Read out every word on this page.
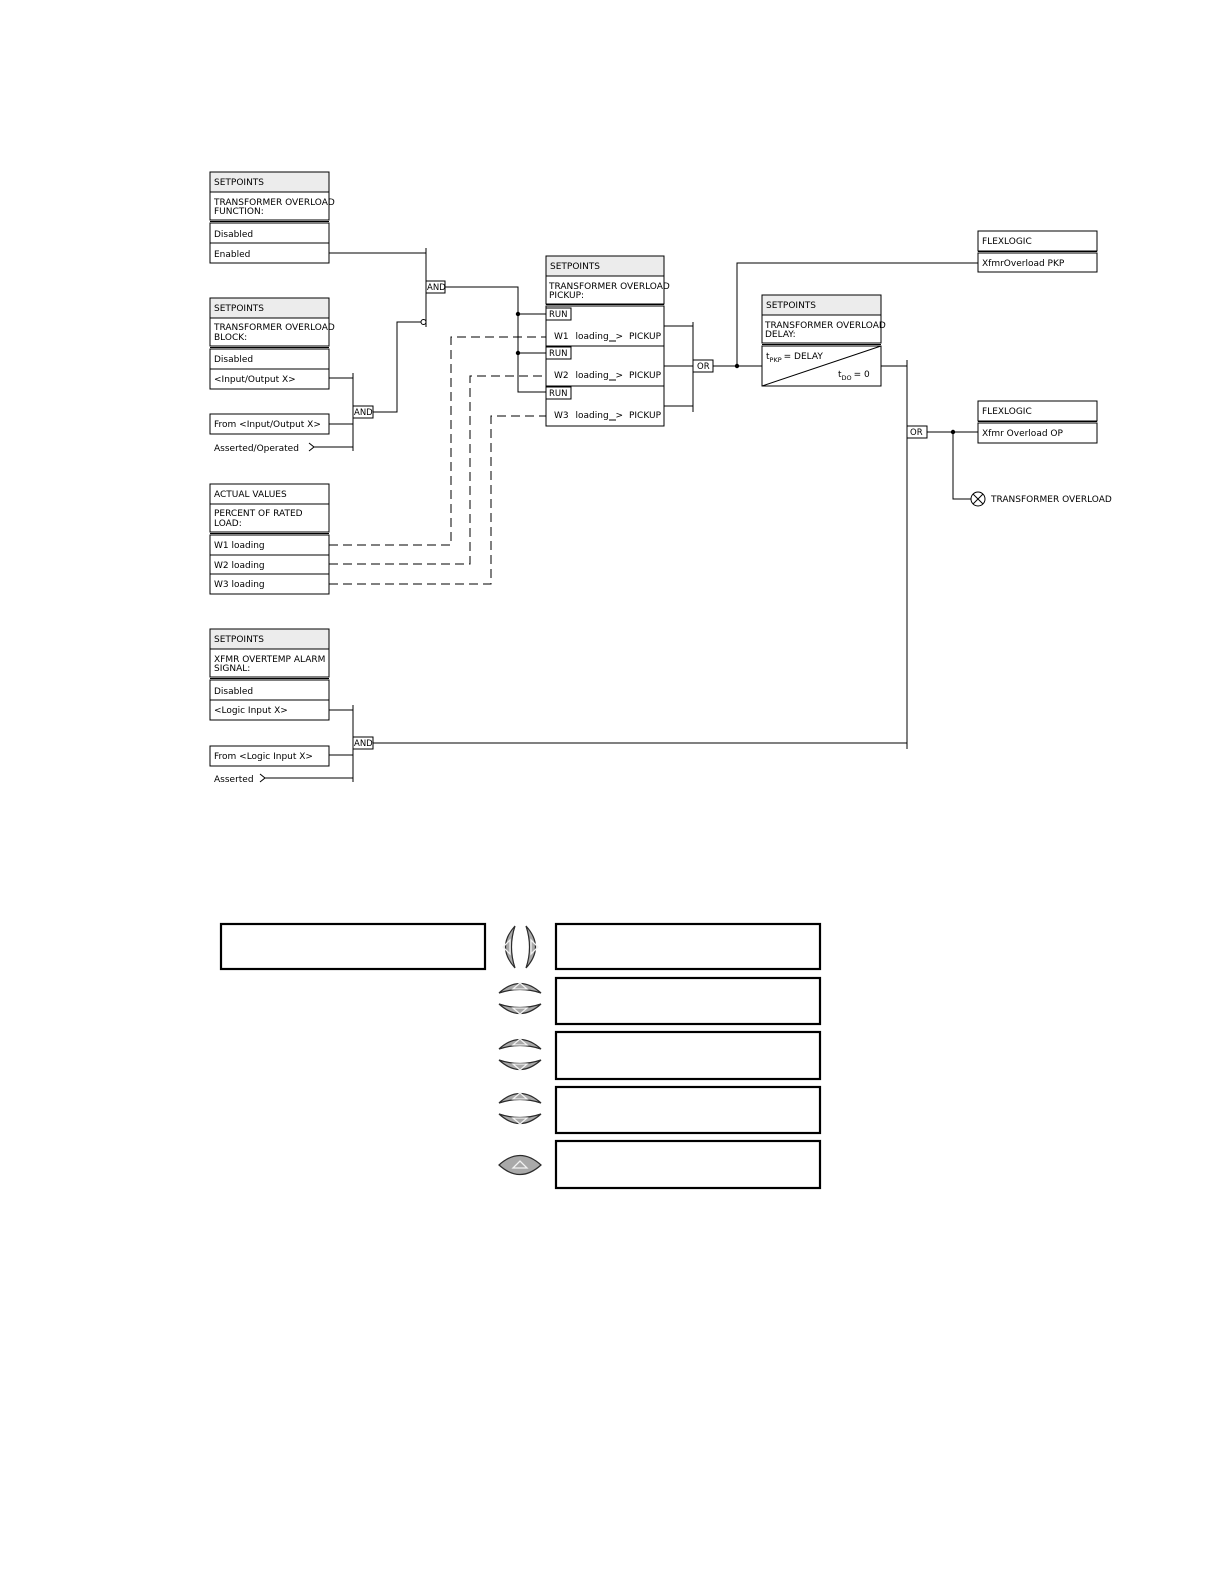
SETPOINTS
TRANSFORMER OVERLOAD FUNCTION:
Disabled
Enabled
SETPOINTS
TRANSFORMER OVERLOAD BLOCK:
Disabled
<Input/Output X>
From <Input/Output X>
Asserted/Operated
ACTUAL VALUES
PERCENT OF RATED LOAD:
W1 loading
W2 loading
W3 loading
SETPOINTS
XFMR OVERTEMP ALARM SIGNAL:
Disabled
<Logic Input X>
From <Logic Input X>
Asserted
SETPOINTS
TRANSFORMER OVERLOAD PICKUP:
RUN
RUN
RUN
W1 loading > PICKUP
W2 loading > PICKUP
W3 loading > PICKUP
SETPOINTS
TRANSFORMER OVERLOAD DELAY:
$t_{PKP}$ = DELAY
$t_{DO} = 0$
FLEXLOGIC
XfmrOverload PKP
FLEXLOGIC
Xfmr Overload OP
AND
AND
OR
OR
AND
TRANSFORMER OVERLOAD
